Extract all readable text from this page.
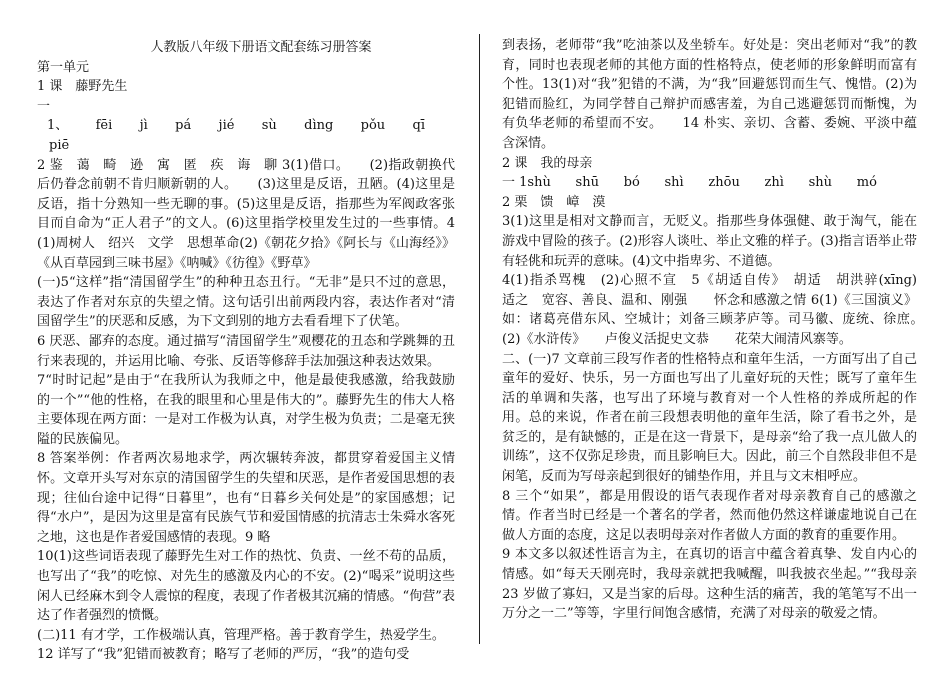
人教版八年级下册语文配套练习册答案
第一单元
1 课　藤野先生
一
1、 fēi jì pá jié sù dìng pǒu qī
piē
2 鉴　蔼　畸　逊　寓　匿　疾　诲　聊 3(1)借口。　　(2)指政朝换代后仍眷念前朝不肯归顺新朝的人。　　(3)这里是反语，丑陋。(4)这里是反语，指十分熟知一些无聊的事。(5)这里是反语，指那些为军阀政客张目而自命为“正人君子”的文人。(6)这里指学校里发生过的一些事情。4(1)周树人　绍兴　文学　思想革命(2)《朝花夕拾》《阿长与《山海经》》《从百草园到三味书屋》《呐喊》《彷徨》《野草》
(一)5“这样”指“清国留学生”的种种丑态丑行。“无非”是只不过的意思，表达了作者对东京的失望之情。这句话引出前两段内容，表达作者对“清国留学生”的厌恶和反感，为下文到别的地方去看看埋下了伏笔。
6 厌恶、鄙弃的态度。通过描写“清国留学生”观樱花的丑态和学跳舞的丑行来表现的，并运用比喻、夸张、反语等修辞手法加强这种表达效果。
7“时时记起”是由于“在我所认为我师之中，他是最使我感激，给我鼓励的一个”“他的性格，在我的眼里和心里是伟大的”。藤野先生的伟大人格主要体现在两方面：一是对工作极为认真，对学生极为负责；二是毫无狭隘的民族偏见。
8 答案举例：作者两次易地求学，两次辗转奔波，都贯穿着爱国主义情怀。文章开头写对东京的清国留学生的失望和厌恶，是作者爱国思想的表现；往仙台途中记得“日暮里”，也有“日暮乡关何处是”的家国感想；记得“水户”，是因为这里是富有民族气节和爱国情感的抗清志士朱舜水客死之地，这也是作者爱国感情的表现。9 略
10(1)这些词语表现了藤野先生对工作的热忱、负责、一丝不苟的品质，也写出了“我”的吃惊、对先生的感激及内心的不安。(2)“喝采”说明这些闲人已经麻木到令人震惊的程度，表现了作者极其沉痛的情感。“佝营”表达了作者强烈的愤慨。
(二)11 有才学，工作极端认真，管理严格。善于教育学生，热爱学生。
12 详写了“我”犯错而被教育；略写了老师的严厉，“我”的造句受
到表扬，老师带“我”吃油茶以及坐轿车。好处是：突出老师对“我”的教育，同时也表现老师的其他方面的性格特点，使老师的形象鲜明而富有个性。13(1)对“我”犯错的不满，为“我”回避惩罚而生气、愧惜。(2)为犯错而脸红，为同学替自己辩护而感害羞，为自己逃避惩罚而惭愧，为有负华老师的希望而不安。　　14 朴实、亲切、含蓄、委婉、平淡中蕴含深情。
2 课　我的母亲
一 1shù shū bó shì zhōu zhì shù mó
2 栗　馈　嶂　漠
3(1)这里是相对文静而言，无贬义。指那些身体强健、敢于淘气，能在游戏中冒险的孩子。(2)形容人谈吐、举止文雅的样子。(3)指言语举止带有轻佻和玩弄的意味。(4)文中指卑劣、不道德。
4(1)指杀骂槐　(2)心照不宣　5《胡适自传》　胡适　胡洪骍(xīng)　　适之　宽容、善良、温和、刚强　　怀念和感激之情 6(1)《三国演义》如：诸葛亮借东风、空城计；刘备三顾茅庐等。司马徽、庞统、徐庶。　　(2)《水浒传》　　卢俊义活捉史文恭　　花荣大闹清风寨等。
二、(一)7 文章前三段写作者的性格特点和童年生活，一方面写出了自己童年的爱好、快乐，另一方面也写出了儿童好玩的天性；既写了童年生活的单调和失落，也写出了环境与教育对一个人性格的养成所起的作用。总的来说，作者在前三段想表明他的童年生活，除了看书之外，是贫乏的，是有缺憾的，正是在这一背景下，是母亲“给了我一点儿做人的训练”，这不仅弥足珍贵，而且影响巨大。因此，前三个自然段非但不是闲笔，反而为写母亲起到很好的铺垫作用，并且与文末相呼应。
8 三个“如果”，都是用假设的语气表现作者对母亲教育自己的感激之情。作者当时已经是一个著名的学者，然而他仍然这样谦虚地说自己在做人方面的态度，这足以表明母亲对作者做人方面的教育的重要作用。
9 本文多以叙述性语言为主，在真切的语言中蕴含着真挚、发自内心的情感。如“每天天刚亮时，我母亲就把我喊醒，叫我披衣坐起。”“我母亲 23 岁做了寡妇，又是当家的后母。这种生活的痛苦，我的笔笔写不出一万分之一二”等等，字里行间饱含感情，充满了对母亲的敬爱之情。
